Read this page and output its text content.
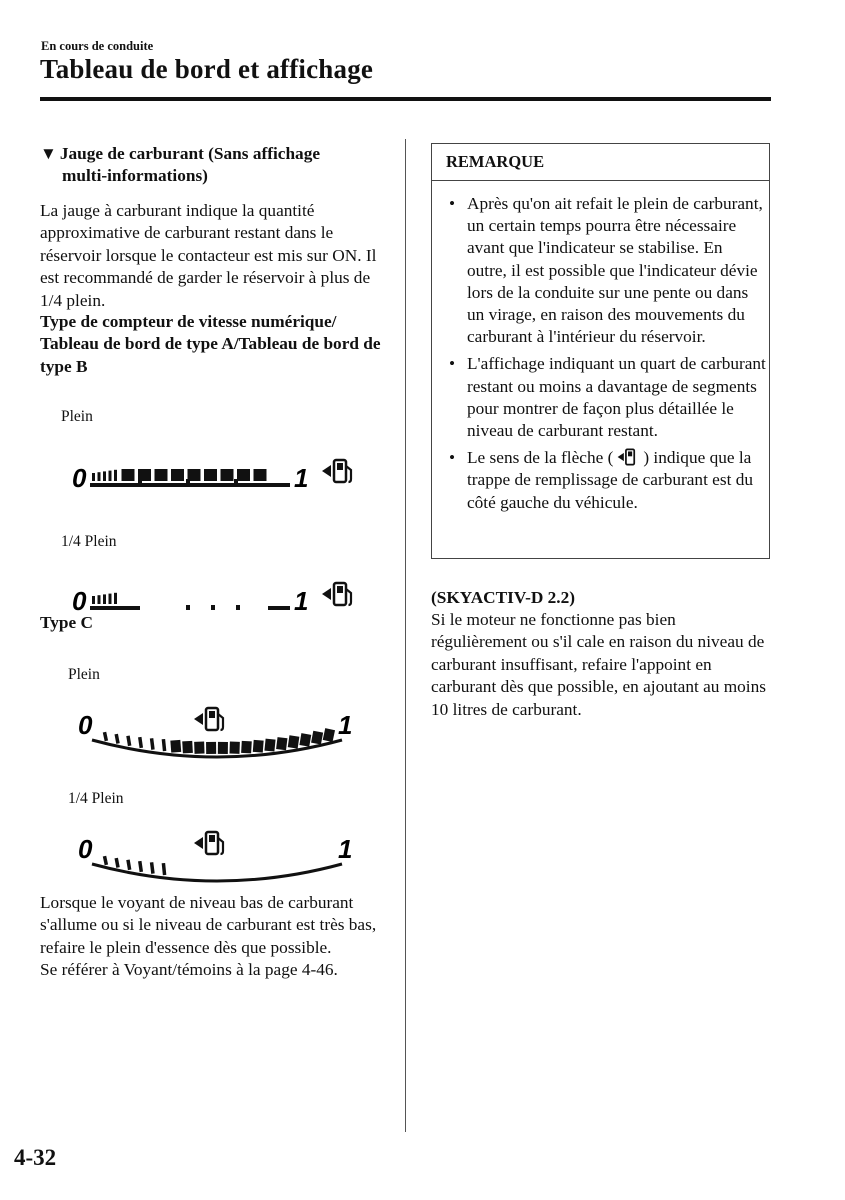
En cours de conduite
Tableau de bord et affichage
▼ Jauge de carburant (Sans affichage
multi-informations)
La jauge à carburant indique la quantité approximative de carburant restant dans le réservoir lorsque le contacteur est mis sur ON. Il est recommandé de garder le réservoir à plus de 1/4 plein.
Type de compteur de vitesse numérique/ Tableau de bord de type A/Tableau de bord de type B
Plein
0	1
1/4 Plein
0	1
Type C
Plein
0	1
1/4 Plein
0	1
Lorsque le voyant de niveau bas de carburant s'allume ou si le niveau de carburant est très bas, refaire le plein d'essence dès que possible.
Se référer à Voyant/témoins à la page 4-46.
REMARQUE
• Après qu'on ait refait le plein de carburant, un certain temps pourra être nécessaire avant que l'indicateur se stabilise. En outre, il est possible que l'indicateur dévie lors de la conduite sur une pente ou dans un virage, en raison des mouvements du carburant à l'intérieur du réservoir.
• L'affichage indiquant un quart de carburant restant ou moins a davantage de segments pour montrer de façon plus détaillée le niveau de carburant restant.
• Le sens de la flèche ( ) indique que la trappe de remplissage de carburant est du côté gauche du véhicule.
(SKYACTIV-D 2.2)
Si le moteur ne fonctionne pas bien régulièrement ou s'il cale en raison du niveau de carburant insuffisant, refaire l'appoint en carburant dès que possible, en ajoutant au moins 10 litres de carburant.
4-32
